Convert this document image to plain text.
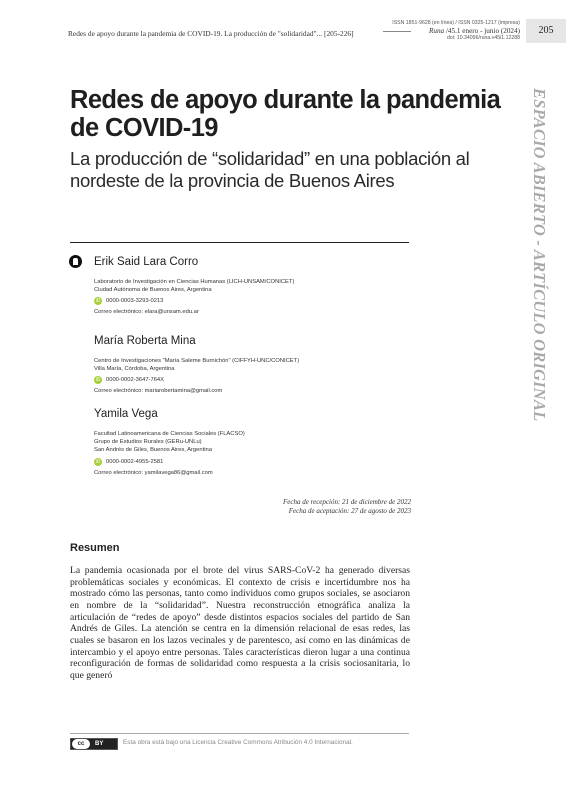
Redes de apoyo durante la pandemia de COVID-19. La producción de "solidaridad"... [205-226]
ISSN 1851-9628 (en línea) / ISSN 0325-1217 (impresa)
Runa /45.1 enero - junio (2024)
doi: 10.34096/runa.v45i1.12288
205
ESPACIO ABIERTO - ARTÍCULO ORIGINAL
Redes de apoyo durante la pandemia de COVID-19
La producción de “solidaridad” en una población al nordeste de la provincia de Buenos Aires
Erik Said Lara Corro
Laboratorio de Investigación en Ciencias Humanas (LICH-UNSAM/CONICET)
Ciudad Autónoma de Buenos Aires, Argentina
iD 0000-0003-3293-0213
Correo electrónico: elara@unsam.edu.ar
María Roberta Mina
Centro de Investigaciones "María Saleme Burnichón" (CIFFYH-UNC/CONICET)
Villa María, Córdoba, Argentina
iD 0000-0002-3647-764X
Correo electrónico: mariarobertamina@gmail.com
Yamila Vega
Facultad Latinoamericana de Ciencias Sociales (FLACSO)
Grupo de Estudios Rurales (GERu-UNLu)
San Andrés de Giles, Buenos Aires, Argentina
iD 0000-0002-4955-2581
Correo electrónico: yamilavega86@gmail.com
Fecha de recepción: 21 de diciembre de 2022
Fecha de aceptación: 27 de agosto de 2023
Resumen
La pandemia ocasionada por el brote del virus SARS-CoV-2 ha generado diversas problemáticas sociales y económicas. El contexto de crisis e incertidumbre nos ha mostrado cómo las personas, tanto como individuos como grupos sociales, se asociaron en nombre de la “solidaridad”. Nuestra reconstrucción etnográfica analiza la articulación de “redes de apoyo” desde distintos espacios sociales del partido de San Andrés de Giles. La atención se centra en la dimensión relacional de esas redes, las cuales se basaron en los lazos vecinales y de parentesco, así como en las dinámicas de intercambio y el apoyo entre personas. Tales características dieron lugar a una continua reconfiguración de formas de solidaridad como respuesta a la crisis sociosanitaria, lo que generó
cc	BY	Esta obra está bajo una Licencia Creative Commons Atribución 4.0 Internacional.
